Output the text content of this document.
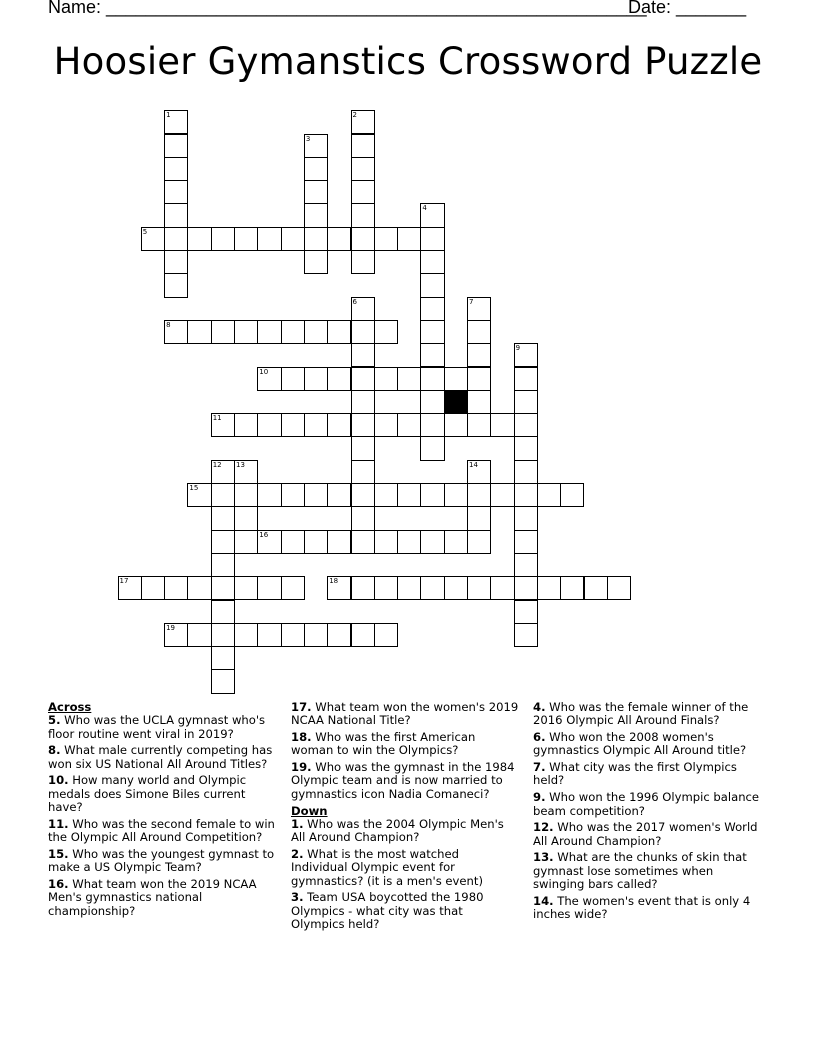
Name: ______________________________________________________
Date: _______
Hoosier Gymanstics Crossword Puzzle
1	2
3
4
5
6	7
8
9
10
11
12 13	14
15
16
17	18
19

Across

5. Who was the UCLA gymnast who's floor routine went viral in 2019?

8. What male currently competing has won six US National All Around Titles?

10. How many world and Olympic medals does Simone Biles current have?

11. Who was the second female to win the Olympic All Around Competition?

15. Who was the youngest gymnast to make a US Olympic Team?

16. What team won the 2019 NCAA Men's gymnastics national championship?

17. What team won the women's 2019 NCAA National Title?

18. Who was the first American woman to win the Olympics?

19. Who was the gymnast in the 1984 Olympic team and is now married to gymnastics icon Nadia Comaneci?

Down

1. Who was the 2004 Olympic Men's All Around Champion?

2. What is the most watched Individual Olympic event for gymnastics? (it is a men's event)

3. Team USA boycotted the 1980 Olympics - what city was that Olympics held?

4. Who was the female winner of the 2016 Olympic All Around Finals?

6. Who won the 2008 women's gymnastics Olympic All Around title?

7. What city was the first Olympics held?

9. Who won the 1996 Olympic balance beam competition?

12. Who was the 2017 women's World All Around Champion?

13. What are the chunks of skin that gymnast lose sometimes when swinging bars called?

14. The women's event that is only 4 inches wide?
